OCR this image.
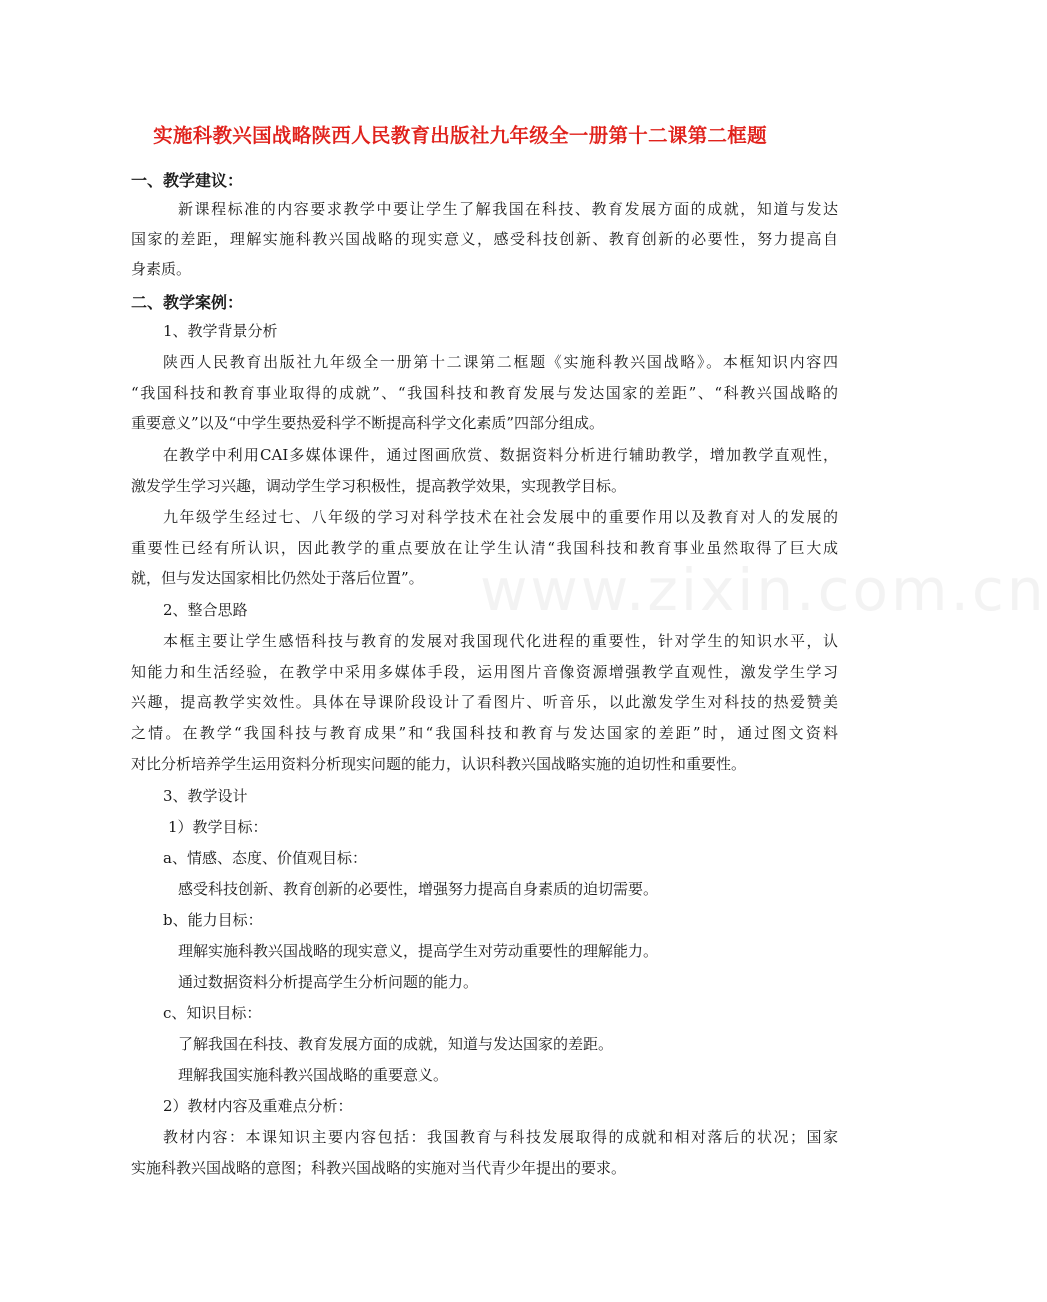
www.zixin.com.cn
实施科教兴国战略陕西人民教育出版社九年级全一册第十二课第二框题
一、教学建议：
新课程标准的内容要求教学中要让学生了解我国在科技、教育发展方面的成就，知道与发达
国家的差距，理解实施科教兴国战略的现实意义，感受科技创新、教育创新的必要性，努力提高自
身素质。
二、教学案例：
1、教学背景分析
陕西人民教育出版社九年级全一册第十二课第二框题《实施科教兴国战略》。本框知识内容四
“我国科技和教育事业取得的成就”、“我国科技和教育发展与发达国家的差距”、“科教兴国战略的
重要意义”以及“中学生要热爱科学不断提高科学文化素质”四部分组成。
在教学中利用CAI多媒体课件，通过图画欣赏、数据资料分析进行辅助教学，增加教学直观性，
激发学生学习兴趣，调动学生学习积极性，提高教学效果，实现教学目标。
九年级学生经过七、八年级的学习对科学技术在社会发展中的重要作用以及教育对人的发展的
重要性已经有所认识，因此教学的重点要放在让学生认清“我国科技和教育事业虽然取得了巨大成
就，但与发达国家相比仍然处于落后位置”。
2、整合思路
本框主要让学生感悟科技与教育的发展对我国现代化进程的重要性，针对学生的知识水平，认
知能力和生活经验，在教学中采用多媒体手段，运用图片音像资源增强教学直观性，激发学生学习
兴趣，提高教学实效性。具体在导课阶段设计了看图片、听音乐，以此激发学生对科技的热爱赞美
之情。在教学“我国科技与教育成果”和“我国科技和教育与发达国家的差距”时，通过图文资料
对比分析培养学生运用资料分析现实问题的能力，认识科教兴国战略实施的迫切性和重要性。
3、教学设计
1）教学目标：
a、情感、态度、价值观目标：
感受科技创新、教育创新的必要性，增强努力提高自身素质的迫切需要。
b、能力目标：
理解实施科教兴国战略的现实意义，提高学生对劳动重要性的理解能力。
通过数据资料分析提高学生分析问题的能力。
c、知识目标：
了解我国在科技、教育发展方面的成就，知道与发达国家的差距。
理解我国实施科教兴国战略的重要意义。
2）教材内容及重难点分析：
教材内容：本课知识主要内容包括：我国教育与科技发展取得的成就和相对落后的状况；国家
实施科教兴国战略的意图；科教兴国战略的实施对当代青少年提出的要求。
